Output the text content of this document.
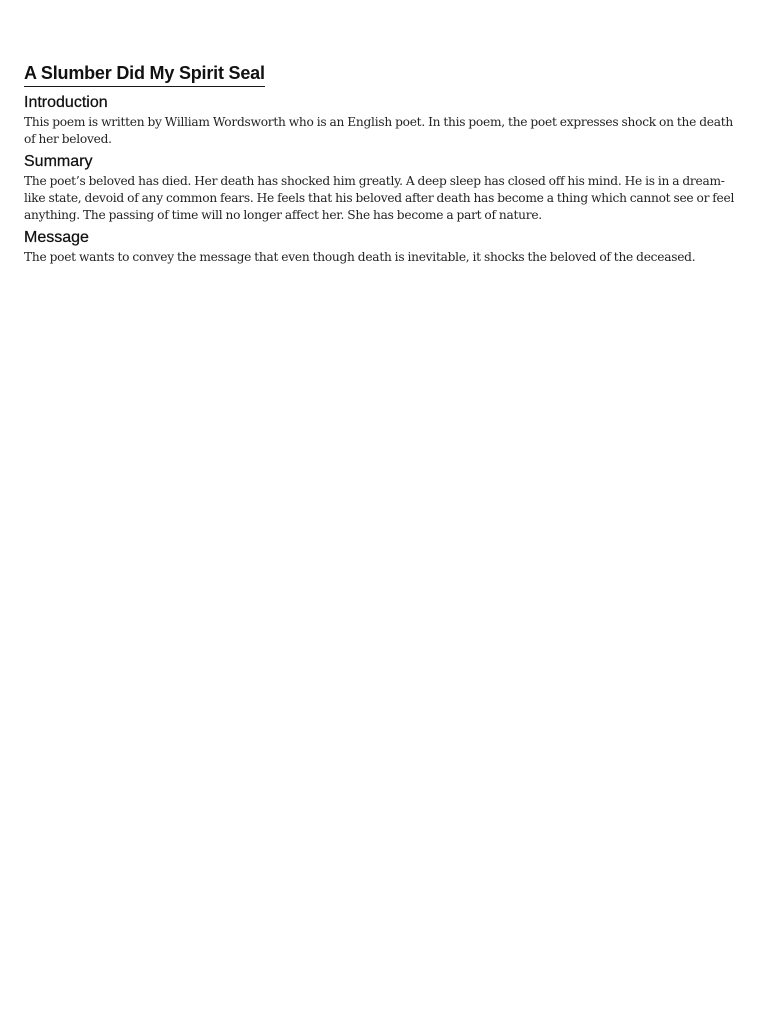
A Slumber Did My Spirit Seal
Introduction

This poem is written by William Wordsworth who is an English poet. In this poem, the poet expresses shock on the death of her beloved.

Summary

The poet’s beloved has died. Her death has shocked him greatly. A deep sleep has closed off his mind. He is in a dream-like state, devoid of any common fears. He feels that his beloved after death has become a thing which cannot see or feel anything. The passing of time will no longer affect her. She has become a part of nature.

Message

The poet wants to convey the message that even though death is inevitable, it shocks the beloved of the deceased.
